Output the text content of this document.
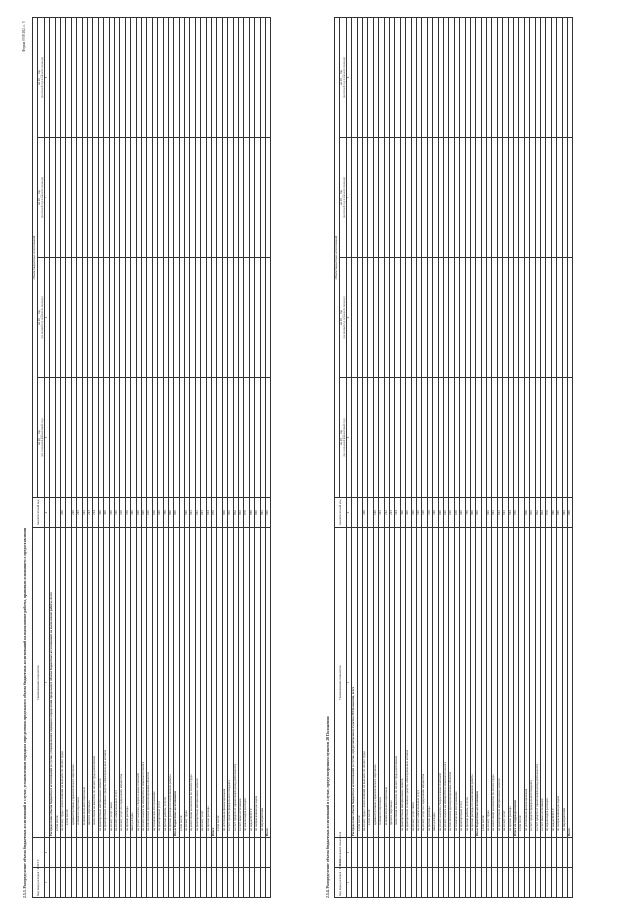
Форма 0505182, с. 5
2.5.3. Распределение объема бюджетных ассигнований в случае, установленном порядком определения предельного объема бюджетных ассигнований на выполнение работы, правовым основанием о предоставлении	Код вида расходов / КОСГУ		Наименование показателя	Аналитический код	Объем бюджетных ассигнований			
				на 20__ год (на очередной финансовый год)	на 20__ год (на первый год планового периода)	на 20__ год (на второй год планового периода)	на 20__ год (на второй год планового периода)

1	2	3	4	5	6	7	8
		Распределение объема бюджетных ассигнований в случае, установленном порядком определения предельного объема бюджетных ассигнований на выполнение работы, всего					
		в том числе:					
		на оплату труда с начислениями на выплаты по оплате труда	200				
		в том числе:					
		административно-управленческого персонала	210				
		основного персонала	211				
		вспомогательного персонала	212				
		прочего персонала	213				
		начисления на выплаты по оплате труда работникам	214				
		на приобретение материальных запасов	300				
		на приобретение основных средств, нематериальных активов	400				
		на оплату услуг связи	500				
		на оплату коммунальных услуг	510				
		на оплату услуг по содержанию имущества	520				
		на прочие расходы	530				
		иные расходы	540				
		на уплату налогов, сборов и иных платежей	600				
		на уплату налога на имущество и земельного налога	610				
		на обеспечение функционирования объектов	620				
		на техническое обслуживание	630				
		на приобретение услуг	640				
		на прочие работы, услуги	700				
		на прочие расходы по выполнению работы	800				
		Иные бюджетные ассигнования	900				
		в том числе:					
		на оплату труда	910				
		на начисления на выплаты по оплате труда	911				
		на приобретение материальных запасов	912				
		на оплату услуг	913				
		на прочие расходы	914				
		Итого	950				
		в том числе:					
		по источникам финансирования	960				
		за счет средств федерального бюджета	961				
		за счет средств от приносящей доход деятельности	962				
		за счет иных источников	963				
		по кодам видов расходов	970				
		по кодам КОСГУ	980				
		по направлениям расходов	990				
		по мероприятиям	991				
		Всего	999				
2.5.4. Распределение объема бюджетных ассигнований в случае, предусмотренном пунктом 28 Положения	Код вида расходов / КОСГУ	Наименование показателя	Наименование показателя	Аналитический код	Объем бюджетных ассигнований			
				на 20__ год (на очередной финансовый год)	на 20__ год (на первый год планового периода)	на 20__ год (на второй год планового периода)	на 20__ год (на второй год планового периода)

1	2	3	4	5	6	7	8
		Распределение объема бюджетных ассигнований в случае, предусмотренном пунктом 28 Положения, всего					
		в том числе:					
		на оплату труда с начислениями на выплаты по оплате труда	200				
		в том числе:					
		административно-управленческого персонала	210				
		основного персонала	211				
		вспомогательного персонала	212				
		прочего персонала	213				
		начисления на выплаты по оплате труда работникам	214				
		на приобретение материальных запасов	300				
		на приобретение основных средств, нематериальных активов	400				
		на оплату услуг связи	500				
		на оплату коммунальных услуг	510				
		на оплату услуг по содержанию имущества	520				
		на прочие расходы	530				
		иные расходы	540				
		на уплату налогов, сборов и иных платежей	600				
		на уплату налога на имущество и земельного налога	610				
		на обеспечение функционирования объектов	620				
		на техническое обслуживание	630				
		на приобретение услуг	640				
		на прочие работы, услуги	700				
		на прочие расходы по выполнению работы	800				
		Иные бюджетные ассигнования	900				
		в том числе:					
		на оплату труда	910				
		на начисления на выплаты по оплате труда	911				
		на приобретение материальных запасов	912				
		на оплату услуг	913				
		на прочие расходы	914				
		Итого по подразделениям	950				
		в том числе:					
		по источникам финансирования	960				
		за счет средств федерального бюджета	961				
		за счет средств от приносящей доход деятельности	962				
		за счет иных источников	963				
		по кодам видов расходов	970				
		по кодам КОСГУ	980				
		по направлениям расходов	990				
		по мероприятиям	991				
		Всего	999				
